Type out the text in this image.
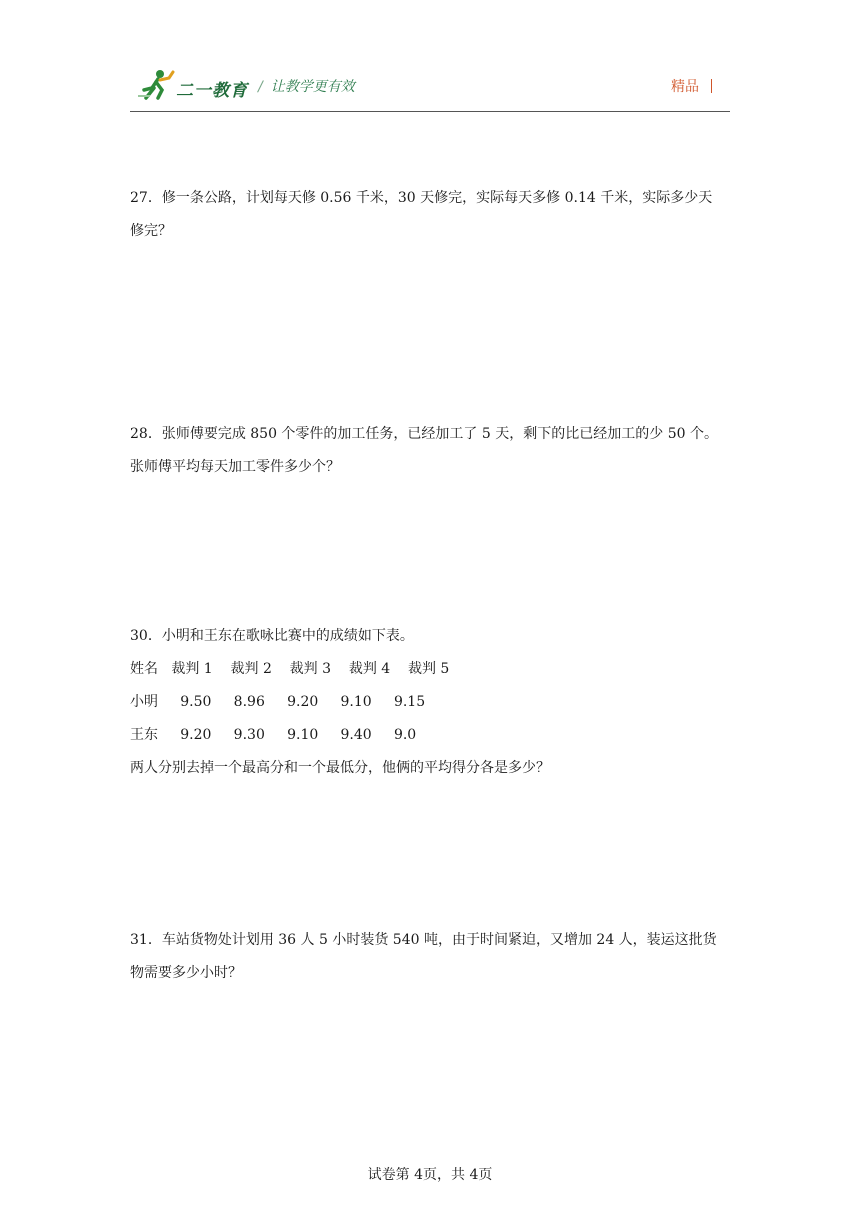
二一教育 / 让教学更有效	精品

27．修一条公路，计划每天修 0.56 千米，30 天修完，实际每天多修 0.14 千米，实际多少天

修完？

28．张师傅要完成 850 个零件的加工任务，已经加工了 5 天，剩下的比已经加工的少 50 个。

张师傅平均每天加工零件多少个？

30．小明和王东在歌咏比赛中的成绩如下表。

姓名   裁判 1    裁判 2    裁判 3    裁判 4    裁判 5

小明     9.50     8.96     9.20     9.10     9.15

王东     9.20     9.30     9.10     9.40     9.0

两人分别去掉一个最高分和一个最低分，他俩的平均得分各是多少？

31．车站货物处计划用 36 人 5 小时装货 540 吨，由于时间紧迫，又增加 24 人，装运这批货

物需要多少小时？

试卷第 4页，共 4页
